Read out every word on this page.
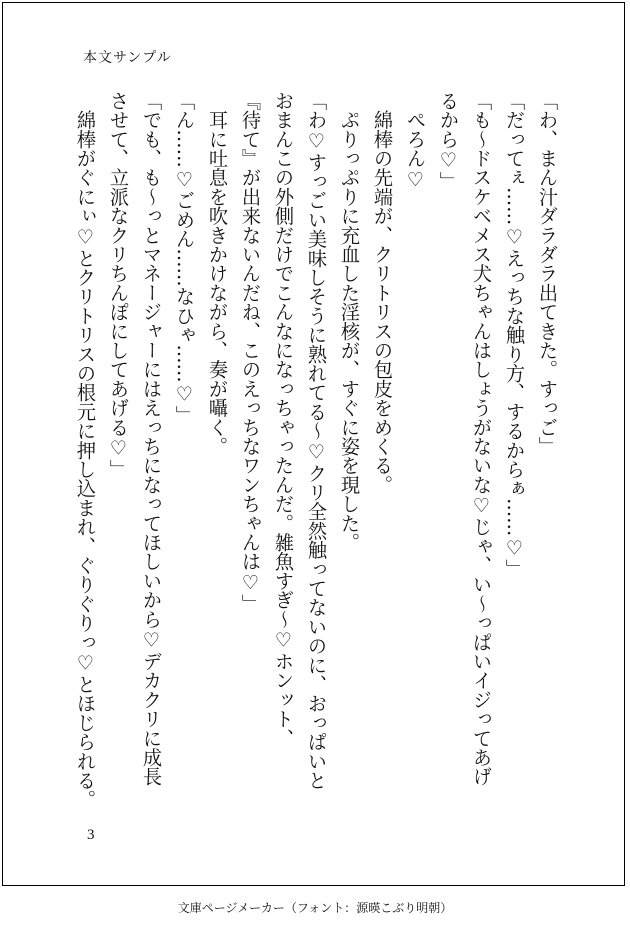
本文サンプル
「わ、まん汁ダラダラ出てきた。すっご」
「だってぇ……♡えっちな触り方、するからぁ……♡」
「も〜ドスケベメス犬ちゃんはしょうがないな♡じゃ、い〜っぱいイジってあげ
るから♡」
　ぺろん♡
　綿棒の先端が、クリトリスの包皮をめくる。
　ぷりっぷりに充血した淫核が、すぐに姿を現した。
「わ♡すっごい美味しそうに熟れてる〜♡クリ全然触ってないのに、おっぱいと
おまんこの外側だけでこんなになっちゃったんだ。雑魚すぎ〜♡ホンット、
『待て』が出来ないんだね、このえっちなワンちゃんは♡」
　耳に吐息を吹きかけながら、奏が囁く。
「ん……♡ごめん……なひゃ……♡」
「でも、も〜っとマネージャーにはえっちになってほしいから♡デカクリに成長
させて、立派なクリちんぽにしてあげる♡」
　綿棒がぐにぃ♡とクリトリスの根元に押し込まれ、ぐりぐりっ♡とほじられる。
3
文庫ページメーカー（フォント：源暎こぶり明朝）
